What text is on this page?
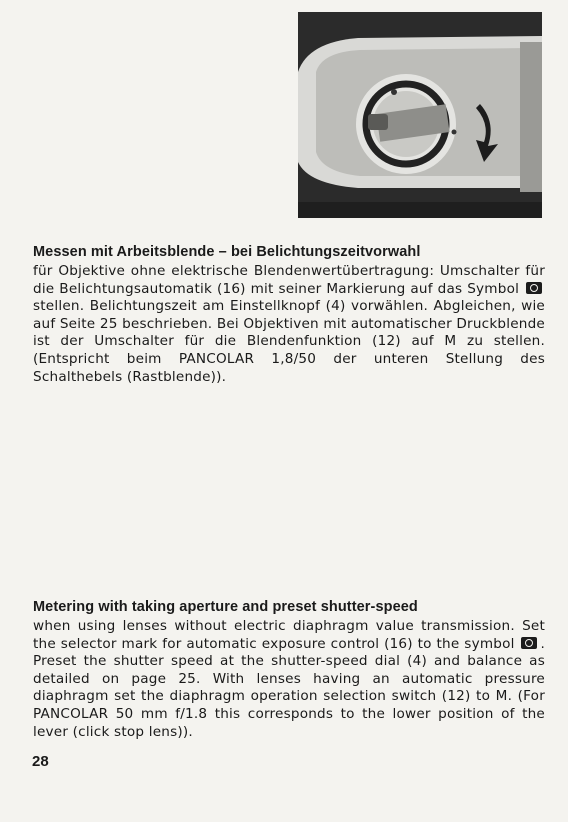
Messen mit Arbeitsblende – bei Belichtungszeitvorwahl

für Objektive ohne elektrische Blendenwertübertragung: Umschalter für die Belichtungsautomatik (16) mit seiner Markierung auf das Symbol stellen. Belichtungszeit am Einstellknopf (4) vorwählen. Abgleichen, wie auf Seite 25 beschrieben. Bei Objektiven mit automatischer Druckblende ist der Umschalter für die Blendenfunktion (12) auf M zu stellen. (Entspricht beim PANCOLAR 1,8/50 der unteren Stellung des Schalthebels (Rastblende)).

Metering with taking aperture and preset shutter-speed

when using lenses without electric diaphragm value transmission. Set the selector mark for automatic exposure control (16) to the symbol . Preset the shutter speed at the shutter-speed dial (4) and balance as detailed on page 25. With lenses having an automatic pressure diaphragm set the diaphragm operation selection switch (12) to M. (For PANCOLAR 50 mm f/1.8 this corresponds to the lower position of the lever (click stop lens)).

28
